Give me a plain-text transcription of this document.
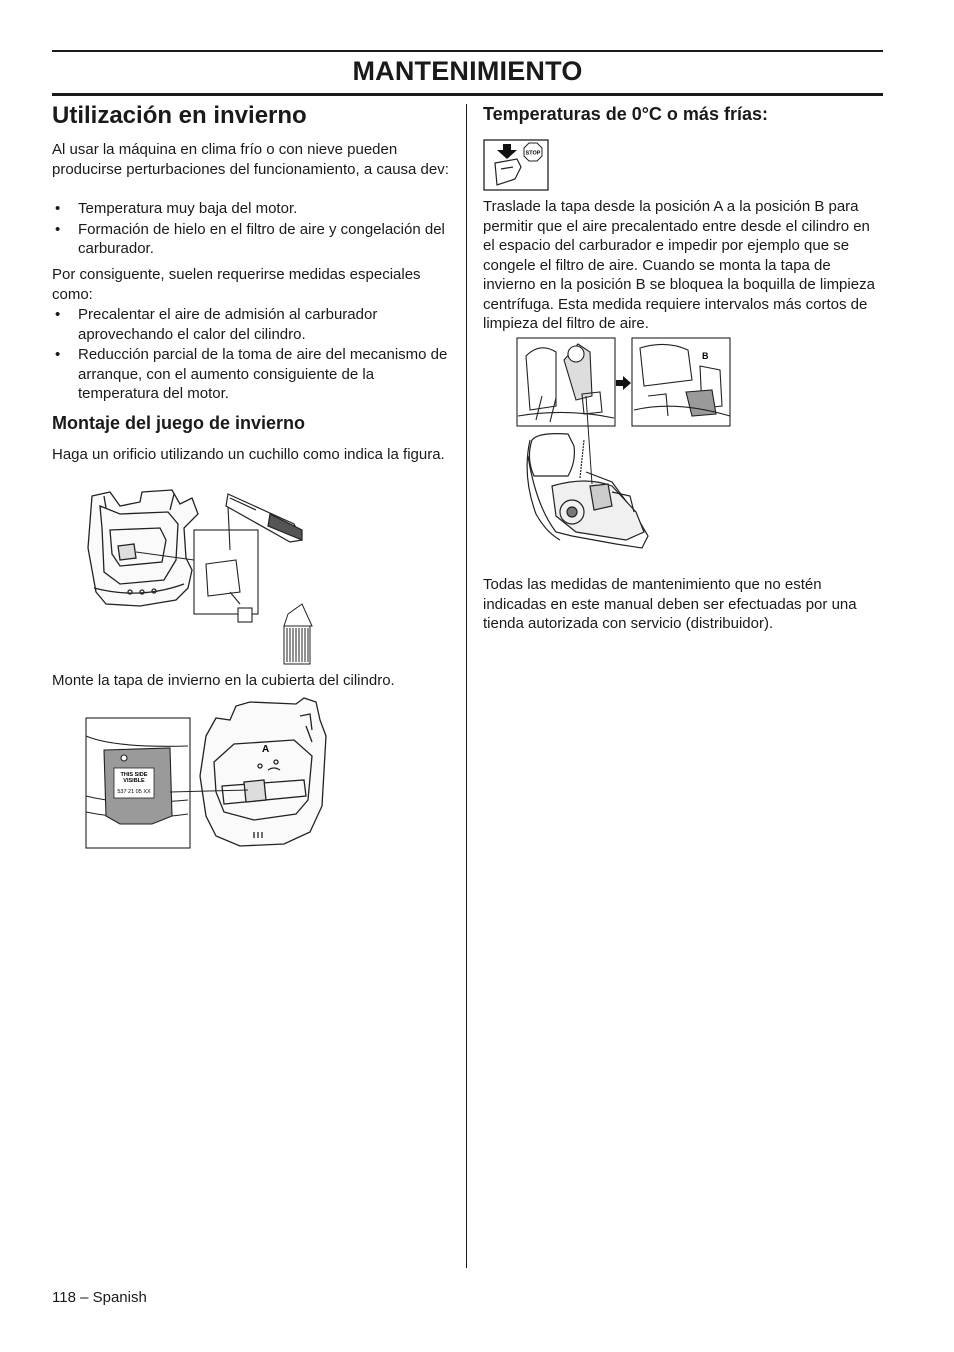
MANTENIMIENTO
Utilización en invierno

Al usar la máquina en clima frío o con nieve pueden producirse perturbaciones del funcionamiento, a causa dev:

• Temperatura muy baja del motor.
• Formación de hielo en el filtro de aire y congelación del carburador.

Por consiguente, suelen requerirse medidas especiales como:

• Precalentar el aire de admisión al carburador aprovechando el calor del cilindro.
• Reducción parcial de la toma de aire del mecanismo de arranque, con el aumento consiguiente de la temperatura del motor.
Montaje del juego de invierno

Haga un orificio utilizando un cuchillo como indica la figura.

Monte la tapa de invierno en la cubierta del cilindro.

THIS SIDE
VISIBLE
537 21 05 XX
A
Temperaturas de 0°C o más frías:
STOP

Traslade la tapa desde la posición A a la posición B para permitir que el aire precalentado entre desde el cilindro en el espacio del carburador e impedir por ejemplo que se congele el filtro de aire. Cuando se monta la tapa de invierno en la posición B se bloquea la boquilla de limpieza centrífuga. Esta medida requiere intervalos más cortos de limpieza del filtro de aire.

B

Todas las medidas de mantenimiento que no estén indicadas en este manual deben ser efectuadas por una tienda autorizada con servicio (distribuidor).

118 – Spanish
